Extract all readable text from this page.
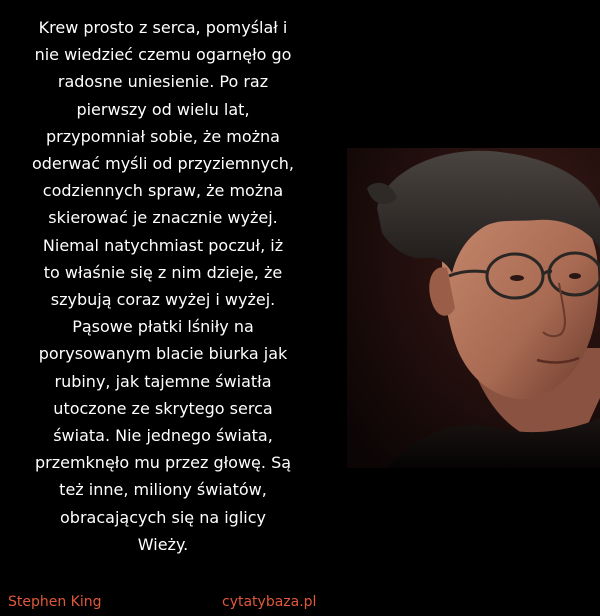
Krew prosto z serca, pomyślał i
nie wiedzieć czemu ogarnęło go
radosne uniesienie. Po raz
pierwszy od wielu lat,
przypomniał sobie, że można
oderwać myśli od przyziemnych,
codziennych spraw, że można
skierować je znacznie wyżej.
Niemal natychmiast poczuł, iż
to właśnie się z nim dzieje, że
szybują coraz wyżej i wyżej.
Pąsowe płatki lśniły na
porysowanym blacie biurka jak
rubiny, jak tajemne światła
utoczone ze skrytego serca
świata. Nie jednego świata,
przemknęło mu przez głowę. Są
też inne, miliony światów,
obracających się na iglicy
Wieży.
Stephen King	cytatybaza.pl
